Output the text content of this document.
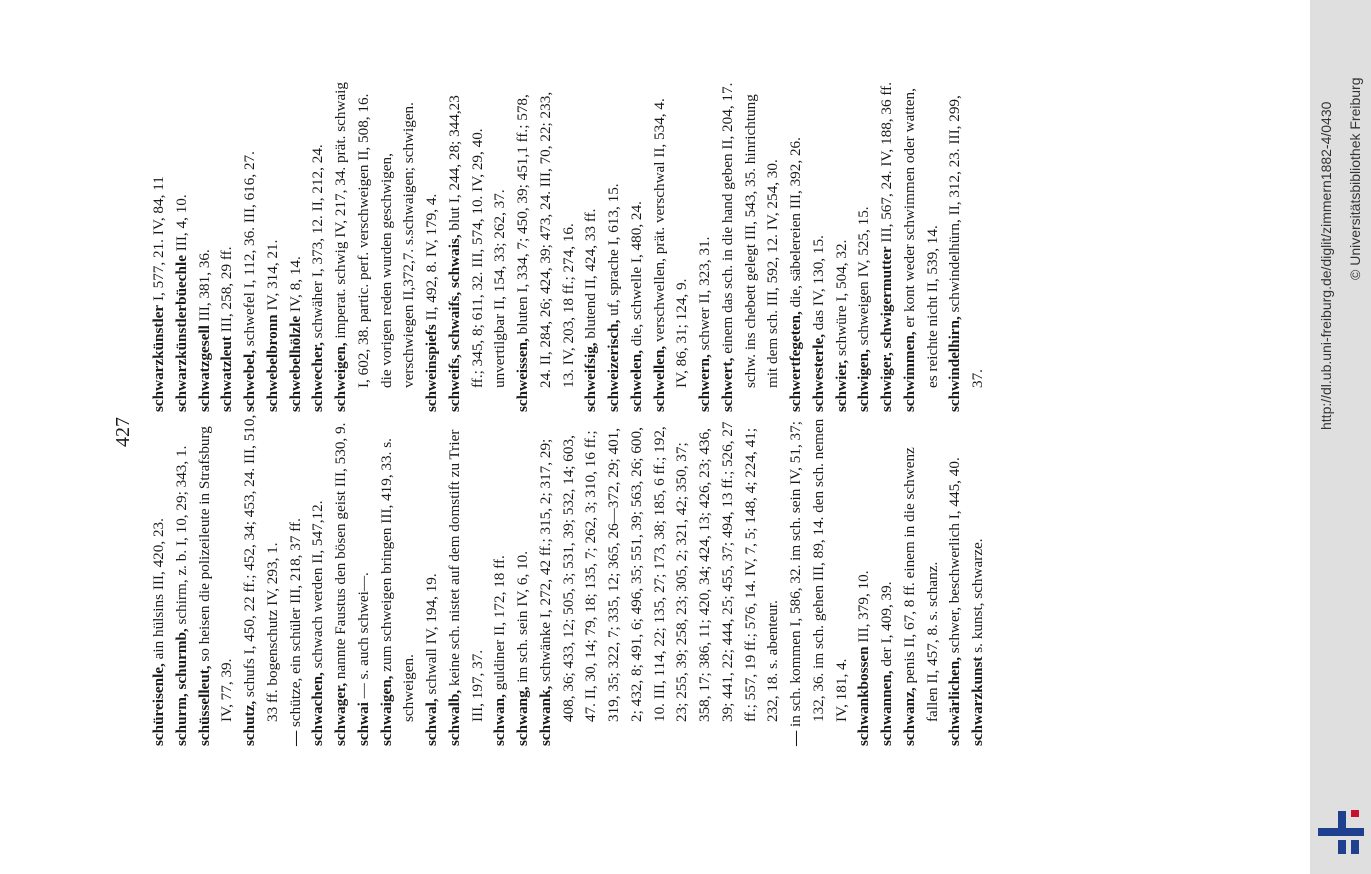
427

schüreisenle, ain hülsins III, 420, 23.

schurm, schurmb, schirm, z. b. I, 10, 29; 343, 1.

schüsselleut, so heisen die polizeileute in Strafsburg IV, 77, 39.

schutz, schufs I, 450, 22 ff.; 452, 34; 453, 24. III, 510, 33 ff. bogenschutz IV, 293, 1.

— schütze, ein schüler III, 218, 37 ff. schwachen, schwach werden II, 547,12.

schwager, nannte Faustus den bösen geist III, 530, 9.

schwai — s. auch schwei—.

schwaigen, zum schweigen bringen III, 419, 33. s. schweigen.

schwal, schwall IV, 194, 19.

schwalb, keine sch. nistet auf dem domstift zu Trier III, 197, 37. schwan, guldiner II, 172, 18 ff.

schwang, im sch. sein IV, 6, 10.

schwank, schwänke I, 272, 42 ff.; 315, 2; 317, 29; 408, 36; 433, 12; 505, 3; 531, 39; 532, 14; 603, 47. II, 30, 14; 79, 18; 135, 7; 262, 3; 310, 16 ff.; 319, 35; 322, 7; 335, 12; 365, 26—372, 29; 401, 2; 432, 8; 491, 6; 496, 35; 551, 39; 563, 26; 600, 10. III, 114, 22; 135, 27; 173, 38; 185, 6 ff.; 192, 23; 255, 39; 258, 23; 305, 2; 321, 42; 350, 37; 358, 17; 386, 11; 420, 34; 424, 13; 426, 23; 436, 39; 441, 22; 444, 25; 455, 37; 494, 13 ff.; 526, 27 ff.; 557, 19 ff.; 576, 14. IV, 7, 5; 148, 4; 224, 41; 232, 18. s. abenteur.

— in sch. kommen I, 586, 32. im sch. sein IV, 51, 37; 132, 36. im sch. gehen III, 89, 14. den sch. nemen IV, 181, 4. schwankbossen III, 379, 10.

schwannen, der I, 409, 39.

schwanz, penis II, 67, 8 ff. einem in die schwenz fallen II, 457, 8. s. schanz. schwärlichen, schwer, beschwerlich I, 445, 40.

schwarzkunst s. kunst, schwarze.

schwarzkünstler I, 577, 21. IV, 84, 11

schwarzkünstlerbüechle III, 4, 10.

schwatzgesell III, 381, 36.

schwatzleut III, 258, 29 ff.

schwebel, schwefel I, 112, 36. III, 616, 27.

schwebelbronn IV, 314, 21.

schwebelhölzle IV, 8, 14.

schwecher, schwäher I, 373, 12. II, 212, 24.

schweigen, imperat. schwig IV, 217, 34. prät. schwaig I, 602, 38. partic. perf. verschweigen II, 508, 16. die vorigen reden wurden geschwigen, verschwiegen II,372,7. s.schwaigen; schwigen. schweinspiefs II, 492, 8. IV, 179, 4. schweifs, schwaifs, schwais, blut I, 244, 28; 344,23 ff.; 345, 8; 611, 32. III, 574, 10. IV, 29, 40. unvertilgbar II, 154, 33; 262, 37. schweissen, bluten I, 334, 7; 450, 39; 451,1 ff.; 578, 24. II, 284, 26; 424, 39; 473, 24. III, 70, 22; 233, 13. IV, 203, 18 ff.; 274, 16. schweifsig, blutend II, 424, 33 ff.

schweizerisch, uf, sprache I, 613, 15.

schwelen, die, schwelle I, 480, 24.

schwellen, verschwellen, prät. verschwal II, 534, 4. IV, 86, 31; 124, 9. schwern, schwer II, 323, 31.

schwert, einem das sch. in die hand geben II, 204, 17. schw. ins chebett gelegt III, 543, 35. hinrichtung mit dem sch. III, 592, 12. IV, 254, 30. schwertfegeten, die, säbelereien III, 392, 26.

schwesterle, das IV, 130, 15.

schwier, schwüre I, 504, 32.

schwigen, schweigen IV, 525, 15. schwiger, schwigermutter III, 567, 24. IV, 188, 36 ff.

schwimmen, er kont weder schwimmen oder watten, es reichte nicht II, 539, 14. schwindelhirn, schwindelhürn, II, 312, 23. III, 299, 37.	http://dl.ub.uni-freiburg.de/diglit/zimmern1882-4/0430 © Universitätsbibliothek Freiburg
